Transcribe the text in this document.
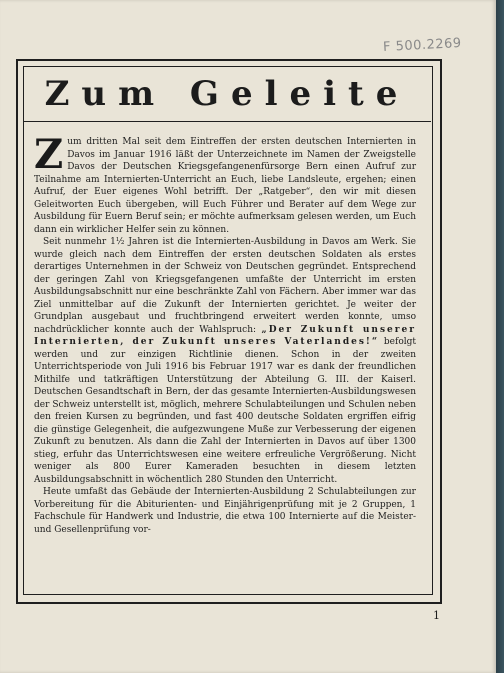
F 500.2269
Zum Geleite

Zum dritten Mal seit dem Eintreffen der ersten deutschen Internierten in Davos im Januar 1916 läßt der Unterzeichnete im Namen der Zweigstelle Davos der Deutschen Kriegsgefangenenfürsorge Bern einen Aufruf zur Teilnahme am Internierten-Unterricht an Euch, liebe Landsleute, ergehen; einen Aufruf, der Euer eigenes Wohl betrifft. Der „Ratgeber“, den wir mit diesen Geleitworten Euch übergeben, will Euch Führer und Berater auf dem Wege zur Ausbildung für Euern Beruf sein; er möchte aufmerksam gelesen werden, um Euch dann ein wirklicher Helfer sein zu können.

 Seit nunmehr 1½ Jahren ist die Internierten-Ausbildung in Davos am Werk. Sie wurde gleich nach dem Eintreffen der ersten deutschen Soldaten als erstes derartiges Unternehmen in der Schweiz von Deutschen gegründet. Entsprechend der geringen Zahl von Kriegsgefangenen umfaßte der Unterricht im ersten Ausbildungsabschnitt nur eine beschränkte Zahl von Fächern. Aber immer war das Ziel unmittelbar auf die Zukunft der Internierten gerichtet. Je weiter der Grundplan ausgebaut und fruchtbringend erweitert werden konnte, umso nachdrücklicher konnte auch der Wahlspruch: „Der Zukunft unserer Internierten, der Zukunft unseres Vaterlandes!“ befolgt werden und zur einzigen Richtlinie dienen. Schon in der zweiten Unterrichtsperiode von Juli 1916 bis Februar 1917 war es dank der freundlichen Mithilfe und tatkräftigen Unterstützung der Abteilung G. III. der Kaiserl. Deutschen Gesandtschaft in Bern, der das gesamte Internierten-Ausbildungswesen der Schweiz unterstellt ist, möglich, mehrere Schulabteilungen und Schulen neben den freien Kursen zu begründen, und fast 400 deutsche Soldaten ergriffen eifrig die günstige Gelegenheit, die aufgezwungene Muße zur Verbesserung der eigenen Zukunft zu benutzen. Als dann die Zahl der Internierten in Davos auf über 1300 stieg, erfuhr das Unterrichtswesen eine weitere erfreuliche Vergrößerung. Nicht weniger als 800 Eurer Kameraden besuchten in diesem letzten Ausbildungsabschnitt in wöchentlich 280 Stunden den Unterricht.

 Heute umfaßt das Gebäude der Internierten-Ausbildung 2 Schulabteilungen zur Vorbereitung für die Abiturienten- und Einjährigenprüfung mit je 2 Gruppen, 1 Fachschule für Handwerk und Industrie, die etwa 100 Internierte auf die Meister- und Gesellenprüfung vor-

1
